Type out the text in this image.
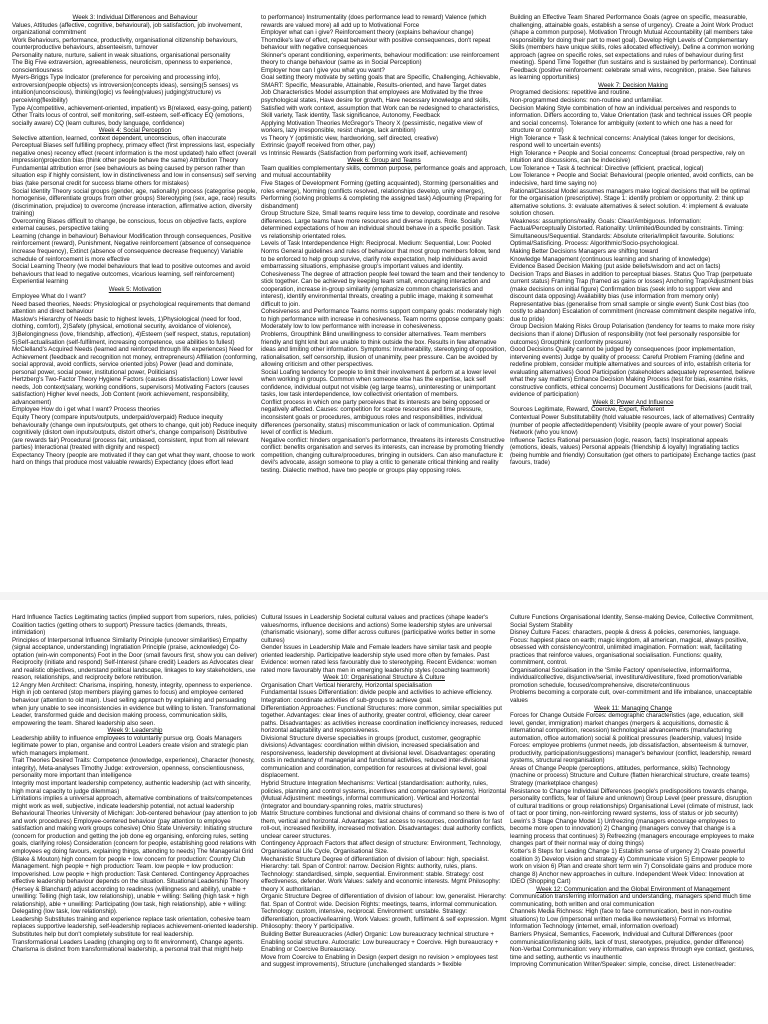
Week 3: Individual Differences and Behaviour
Values, Attitudes (affective, cognitive, behavioural), job satisfaction, job involvement, organizational commitment
Work Behaviours, performance, productivity, organisational citizenship behaviours, counterproductive behaviours, absenteeism, turnover
Personality nature, nurture, salient in weak situations, organisational personality
The Big Five extraversion, agreeableness, neuroticism, openness to experience, conscientiousness
Myers-Briggs Type Indicator (preference for perceiving and processing info), extroversion(people objects) vs introversion(concepts ideas), sensing(5 senses) vs intuition(unconscious), thinking(logic) vs feeling(values) judging(structure) vs perceiving(flexibility)
Type A(competitive, achievement-oriented, impatient) vs B(relaxed, easy-going, patient)
Other Traits locus of control, self monitoring, self-esteem, self-efficacy EQ (emotions, socially aware) CQ (learn cultures, body language, confidence)
Week 4: Social Perception
Selective attention, learned, context dependent, unconscious, often inaccurate
Perceptual Biases self fulfilling prophecy, primacy effect (first impressions last, especially negative ones) recency effect (recent information is the most updated) halo effect (overall impression)projection bias (think other people behave the same) Attribution Theory Fundamental attribution error (see behaviours as being caused by person rather than situation esp if highly consistent, low in distinctiveness and low in consensus) self serving bias (take personal credit for success blame others for mistakes)
Social Identity Theory social groups (gender, age, nationality) process (categorise people, homogenise, differentiate groups from other groups) Stereotyping (sex, age, race) results (discrimination, prejudice) to overcome (increase interaction, affirmative action, diversity training)
Overcoming Biases difficult to change, be conscious, focus on objective facts, explore external causes, perspective taking
Learning (change in behaviour) Behaviour Modification through consequences, Positive reinforcement (reward), Punishment, Negative reinforcement (absence of consequence increase frequency), Extinct (absence of consequence decrease frequency) Variable schedule of reinforcement is more effective
Social Learning Theory (we model behaviours that lead to positive outcomes and avoid behaviours that lead to negative outcomes, vicarious learning, self reinforcement) Experiential learning
Week 5: Motivation
Employee What do I want?
Need based theories, Needs: Physiological or psychological requirements that demand attention and direct behaviour
Maslow's Hierarchy of Needs basic to highest levels, 1)Physiological (need for food, clothing, comfort), 2)Safety (physical, emotional security, avoidance of violence), 3)Belongingness (love, friendship, affection), 4)Esteem (self respect, status, reputation) 5)Self-actualisation (self-fulfilment, increasing competence, use abilities to fullest) McClelland's Acquired Needs (learned and reinforced through life experiences) Need for Achievement (feedback and recognition not money, entrepreneurs) Affiliation (conforming, social approval, avoid conflicts, service oriented jobs) Power (lead and dominate, personal power, social power, institutional power, Politicians)
Hertzberg's Two-Factor Theory Hygiene Factors (causes dissatisfaction) Lower level needs, Job context(salary, working conditions, supervisors) Motivating Factors (causes satisfaction) Higher level needs, Job Content (work achievement, responsibility, advancement)
Employee How do i get what I want? Process theories
Equity Theory (compare inputs/outputs, underpaid/overpaid) Reduce inequity behaviourally (change own inputs/outputs, get others to change, quit job) Reduce inequity cognitively (distort own inputs/outputs, distort other's, change comparison) Distributive (are rewards fair) Procedural (process fair, unbiased, consistent, input from all relevant parties) Interactional (treated with dignity and respect)
Expectancy Theory (people are motivated if they can get what they want, choose to work hard on things that produce most valuable rewards) Expectancy (does effort lead
to performance) Instrumentality (does performance lead to reward) Valence (which rewards are valued more) all add up to Motivational Force
Employer what can i give? Reinforcement theory (explains behaviour change)
Thorndike's law of effect, repeat behaviour with positive consequences, don't repeat behaviour with negative consequences
Skinner's operant conditioning, experiments, behaviour modification: use reinforcement theory to change behaviour (same as in Social Perception)
Employer how can I give you what you want?
Goal setting theory motivate by setting goals that are Specific, Challenging, Achievable, SMART: Specific, Measurable, Attainable, Results-oriented, and have Target dates
Job Characteristics Model assumption that employees are Motivated by the three psychological states, Have desire for growth, Have necessary knowledge and skills, Satisfied with work context, assumption that Work can be redesigned to characteristics, Skill variety, Task identity, Task significance, Autonomy, Feedback
Applying Motivation Theories McGregor's Theory X (pessimistic, negative view of workers, lazy irresponsible, resist change, lack ambition)
vs Theory Y (optimistic view, hardworking, self directed, creative)
Extrinsic (payoff received from other, pay)
vs Intrinsic Rewards (Satisfaction from performing work itself, achievement)
Week 6: Group and Teams
Team qualities complementary skills, common purpose, performance goals and approach, and mutual accountability
Five Stages of Development Forming (getting acquainted), Storming (personalities and roles emerge), Norming (conflicts resolved, relationships develop, unity emerges), Performing (solving problems & completing the assigned task) Adjourning (Preparing for disbandment)
Group Structure Size, Small teams require less time to develop, coordinate and resolve differences. Large teams have more resources and diverse inputs. Role. Socially determined expectations of how an individual should behave in a specific position. Task vs relationship orientated roles.
Levels of Task Interdependence High: Reciprocal. Medium: Sequential, Low: Pooled Norms General guidelines and rules of behaviour that most group members follow, tend to be enforced to help group survive, clarify role expectation, help individuals avoid embarrassing situations, emphasise group's important values and identity.
Cohesiveness The degree of attraction people feel toward the team and their tendency to stick together. Can be achieved by keeping team small, encouraging interaction and cooperation, increase in-group similarity (emphasize common characteristics and interest), identify environmental threats, creating a public image, making it somewhat difficult to join.
Cohesiveness and Performance Teams norms support company goals: moderately high to high performance with increase in cohesiveness. Team norms oppose company goals: Moderately low to low performance with increase in cohesiveness.
Problems, Groupthink Blind unwillingness to consider alternatives. Team members friendly and tight knit but are unable to think outside the box. Results in few alternative ideas and limiting other information. Symptoms: Invulnerability, stereotyping of opposition, rationalisation, self censorship, illusion of unanimity, peer pressure. Can be avoided by allowing criticism and other perspectives.
Social Loafing tendency for people to limit their involvement & perform at a lower level when working in groups. Common when someone else has the expertise, lack self confidence, individual output not visible (eg large teams), uninteresting or unimportant tasks, low task interdependence, low collectivist orientation of members.
Conflict process in which one party perceives that its interests are being opposed or negatively affected. Causes: competition for scarce resources and time pressure, inconsistent goals or procedures, ambiguous roles and responsibilities, individual differences (personality, status) miscommunication or lack of communication. Optimal level of conflict is Medium.
Negative conflict: hinders organisation's performance, threatens its interests Constructive conflict: benefits organisation and serves its interests, can increase by promoting friendly competition, changing culture/procedures, bringing in outsiders. Can also manufacture it: devil's advocate, assign someone to play a critic to generate critical thinking and reality testing. Dialectic method, have two people or groups play opposing roles.
Building an Effective Team Shared Performance Goals (agree on specific, measurable, challenging, attainable goals, establish a sense of urgency). Create a Joint Work Product (shape a common purpose). Motivation Through Mutual Accountability (all members take responsibility for doing their part to meet goal). Develop High Levels of Complementary Skills (members have unique skills, roles allocated effectively). Define a common working approach (agree on specific roles, set expectations and rules of behaviour during first meeting). Spend Time Together (fun sustains and is sustained by performance). Continual Feedback (positive reinforcement: celebrate small wins, recognition, praise. See failures as learning opportunities)
Week 7: Decision Making
Programed decisions: repetitive and routine.
Non-programmed decisions: non-routine and unfamiliar.
Decision Making Style combination of how an individual perceives and responds to information. Differs according to, Value Orientation (task and technical issues OR people and social concerns). Tolerance for ambiguity (extent to which one has a need for structure or control)
High Tolerance + Task & technical concerns: Analytical (takes longer for decisions, respond well to uncertain events)
High Tolerance + People and Social concerns: Conceptual (broad perspective, rely on intuition and discussions, can be indecisive)
Low Tolerance + Task & technical: Directive (efficient, practical, logical)
Low Tolerance + People and Social: Behavioural (people oriented, avoid conflicts, can be indecisive, hard time saying no)
Rational/Classical Model assumes managers make logical decisions that will be optimal for the organisation (prescriptive). Stage 1: identify problem or opportunity. 2: think up alternative solutions. 3: evaluate alternatives & select solution. 4: implement & evaluate solution chosen.
Weakness: assumptions/reality. Goals: Clear/Ambiguous. Information: Factual/Perceptually Distorted. Rationality: Unlimited/Bounded by constraints. Timing: Simultaneous/Sequential. Standards: Absolute criteria/Implicit favourite. Solutions: Optimal/Satisficing. Process: Algorithmic/Socio-psychological.
Making Better Decisions Managers are shifting toward
Knowledge Management (continuous learning and sharing of knowledge)
Evidence Based Decision Making (put aside beliefs/wisdom and act on facts)
Decision Traps and Biases in addition to perceptual biases. Status Quo Trap (perpetuate current status) Framing Trap (framed as gains or losses) Anchoring Trap/Adjustment bias (make decisions on initial figure) Confirmation bias (seek info to support view and discount data opposing) Availability bias (use information from memory only) Representative bias (generalise from small sample or single event) Sunk Cost bias (too costly to abandon) Escalation of commitment (increase commitment despite negative info, due to pride)
Group Decision Making Risks Group Polarisation (tendency for teams to make more risky decisions than if alone) Diffusion of responsibility (not feel personally responsible for outcomes) Groupthink (conformity pressure)
Good Decisions Quality cannot be judged by consequences (poor implementation, intervening events) Judge by quality of process: Careful Problem Framing (define and redefine problem, consider multiple alternatives and sources of info, establish criteria for evaluating alternatives) Good Participation (stakeholders adequately represented, believe what they say matters) Enhance Decision Making Process (test for bias, examine risks, constructive conflicts, ethical concerns) Document Justifications for Decisions (audit trail, evidence of participation)
Week 8: Power And Influence
Sources Legitimate, Reward, Coercive, Expert, Referent
Contextual Power Substitutability (hold valuable resources, lack of alternatives) Centrality (number of people affected/dependent) Visibility (people aware of your power) Social Network (who you know)
Influence Tactics Rational persuasion (logic, reason, facts) Inspirational appeals (emotions, ideals, values) Personal appeals (friendship & loyalty) Ingratiating tactics (being humble and friendly) Consultation (get others to participate) Exchange tactics (past favours, trade)
Hard Influence Tactics Legitimating tactics (implied support from superiors, rules, policies) Coalition tactics (getting others to support) Pressure tactics (demands, threats, intimidation)
Principles of Interpersonal Influence Similarity Principle (uncover similarities) Empathy (signal acceptance, understanding) Ingratiation Principle (praise, acknowledge) Co-optation (win-win components) Foot in the Door (small favours first, show you can deliver) Reciprocity (initiate and respond) Self-Interest (share credit) Leaders as Advocates clear and realistic objectives, understand political landscape, linkages to key stakeholders, use reason, relationships, and reciprocity before retribution.
12 Angry Men Architect: Charisma, inspiring, honesty, integrity, openness to experience. High in job centered (stop members playing games to focus) and employee centered behaviour (attention to old man). Used selling approach by explaining and persuading when jury unable to see inconsistencies in evidence but willing to listen. Transformational Leader, transformed guide and decision making process, communication skills, empowering the team. Shared leadership also seen.
Week 9: Leadership
Leadership ability to influence employees to voluntarily pursue org. Goals Managers legitimate power to plan, organise and control Leaders create vision and strategic plan which managers implement.
Trait Theories Desired Traits: Competence (knowledge, experience), Character (honesty, integrity), Meta-analyses Timothy Judge: extroversion, openness, conscientiousness, personality more important than intelligence
Integrity most important leadership competency, authentic leadership (act with sincerity, high moral capacity to judge dilemmas)
Limitations implies a universal approach, alternative combinations of traits/competences might work as well, subjective, indicate leadership potential, not actual leadership
Behavioural Theories University of Michigan: Job-centered behaviour (pay attention to job and work procedures) Employee-centered behaviour (pay attention to employee satisfaction and making work groups cohesive) Ohio State University: Initiating structure (concern for production and getting the job done eg organising, enforcing rules, setting goals, clarifying roles) Consideration (concern for people, establishing good relations with employees eg doing favours, explaining things, attending to needs) The Managerial Grid (Blake & Mouton) high concern for people + low concern for production: Country Club Management. high people + high production: Team. low people + low production: Impoverished. Low people + high production: Task Centered. Contingency Approaches effective leadership behaviour depends on the situation. Situational Leadership Theory (Hersey & Blanchard) adjust according to readiness (willingness and ability), unable + unwilling: Telling (high task, low relationship), unable + willing: Selling (high task + high relationship), able + unwilling: Participating (low task, high relationship), able + willing: Delegating (low task, low relationship).
Leadership Substitutes training and experience replace task orientation, cohesive team replaces supportive leadership, self-leadership replaces achievement-oriented leadership. Substitutes help but don't completely substitute for real leadership.
Transformational Leaders Leading (changing org to fit environment), Change agents. Charisma is distinct from transformational leadership, a personal trait that might help
Cultural Issues in Leadership Societal cultural values and practices (shape leader's values/norms, influence decisions and actions) Some leadership styles are universal (charismatic visionary), some differ across cultures (participative works better in some cultures)
Gender Issues in Leadership Male and Female leaders have similar task and people oriented leadership. Participative leadership style used more often by females. Past Evidence: women rated less favourably due to stereotyping. Recent Evidence: women rated more favourably than men in emerging leadership styles (coaching teamwork)
Week 10: Organisational Structure & Culture
Organisation Chart Vertical hierarchy, Horizontal specialisation
Fundamental Issues Differentiation: divide people and activities to achieve efficiency. Integration: coordinate activities of sub-groups to achieve goal.
Differentiation Approaches: Functional Structures: more common, similar specialities put together. Advantages: clear lines of authority, greater control, efficiency, clear career paths. Disadvantages: as activities increase coordination inefficiency increases, reduced horizontal adaptability and responsiveness.
Divisional Structure diverse specialties in groups (product, customer, geographic divisions) Advantages: coordination within division, increased specialisation and responsiveness, leadership development at divisional level. Disadvantages: operating costs in redundancy of managerial and functional activities, reduced inter-divisional communication and coordination, competition for resources at divisional level, goal displacement.
Hybrid Structure Integration Mechanisms: Vertical (standardisation: authority, rules, policies, planning and control systems, incentives and compensation systems). Horizontal (Mutual Adjustment: meetings, informal communication). Vertical and Horizontal (Integrator and boundary-spanning roles, matrix structures)
Matrix Structure combines functional and divisional chains of command so there is two of them, vertical and horizontal. Advantages: fast access to resources, coordination for fast roll-out, increased flexibility, increased motivation. Disadvantages: dual authority conflicts, unclear career structures.
Contingency Approach Factors that affect design of structure: Environment, Technology, Organisational Life Cycle, Organisational Size.
Mechanistic Structure Degree of differentiation of division of labour: high, specialist. Hierarchy: tall. Span of Control: narrow. Decision Rights: authority, rules, plans. Technology: standardised, simple, sequential. Environment: stable. Strategy: cost effectiveness, defender. Work Values: safety and economic interests. Mgmt Philosophy: theory X authoritarian.
Organic Structure Degree of differentiation of division of labour: low, generalist. Hierarchy: flat. Span of Control: wide. Decision Rights: meetings, teams, informal communication. Technology: custom, intensive, reciprocal. Environment: unstable. Strategy: differentiation, proactive/learning. Work Values: growth, fulfilment & self expression. Mgmt Philosophy: theory Y participative.
Building Better Bureaucracies (Adler) Organic: Low bureaucracy technical structure + Enabling social structure. Autocratic: Low bureaucracy + Coercive. High bureaucracy + Enabling or Coercive Bureaucracy.
Move from Coercive to Enabling in Design (expert design no revision > employees test and suggest improvements), Structure (unchallenged standards > flexible
Culture Functions Organisational Identity, Sense-making Device, Collective Commitment, Social System Stability
Disney Culture Faces: characters, people & dress & policies, ceremonies, language. Focus: happiest place on earth; magic kingdom, all american, magical, always positive, obsessed with consistency/control, unlimited imagination. Formation: walt, facilitating practices that reinforce values, organisational socialisation. Functions: quality, commitment, control.
Organisational Socialisation in the 'Smile Factory' open/selective, informal/forma, individual/collective, disjunctive/serial, investiture/divestiture, fixed promotion/variable promotion schedule, focused/comprehensive, discrete/continuous
Problems becoming a corporate cult, over-commitment and life imbalance, unacceptable values
Week 11: Managing Change
Forces for Change Outside Forces: demographic characteristics (age, education, skill level, gender, immigration) market changes (mergers & acquisitions, domestic & international competition, recession) technological advancements (manufacturing automation, office automation) social & political pressures (leadership, values) Inside Forces: employee problems (unmet needs, job dissatisfaction, absenteeism & turnover, productivity, participation/suggestions) manager's behaviour (conflict, leadership, reward systems, structural reorganisation)
Areas of Change People (perceptions, attitudes, performance, skills) Technology (machine or process) Structure and Culture (flatten hierarchical structure, create teams) Strategy (marketplace changes)
Resistance to Change Individual Differences (people's predispositions towards change, personality conflicts, fear of failure and unknown) Group Level (peer pressure, disruption of cultural traditions or group relationships) Organisational Level (climate of mistrust, lack of tact or poor timing, non-reinforcing reward systems, loss of status or job security)
Lewin's 3 Stage Change Model 1) Unfreezing (managers encourage employees to become more open to innovation) 2) Changing (managers convey that change is a learning process that continues) 3) Refreezing (managers encourage employees to make changes part of their normal way of doing things)
Kotter's 8 Steps for Leading Change 1) Establish sense of urgency 2) Create powerful coalition 3) Develop vision and strategy 4) Communicate vision 5) Empower people to work on vision 6) Plan and create short term win 7) Consolidate gains and produce more change 8) Anchor new approaches in culture. Independent Week Video: Innovation at IDEO (Shopping Cart)
Week 12: Communication and the Global Environment of Management
Communication transferring information and understanding, managers spend much time communicating, both written and oral communication
Channels Media Richness: High (face to face communication, best in non-routine situations) to Low (impersonal written media like newsletters) Formal vs Informal, Information Technology (internet, email, information overload)
Barriers Physical, Semantics, Facework, Individual and Cultural Differences (poor communication/listening skills, lack of trust, stereotypes, prejudice, gender difference)
Non-Verbal Communication: very informative, can express through eye contact, gestures, time and setting, authentic vs inauthentic
Improving Communication Writer/Speaker: simple, concise, direct. Listener/reader:
